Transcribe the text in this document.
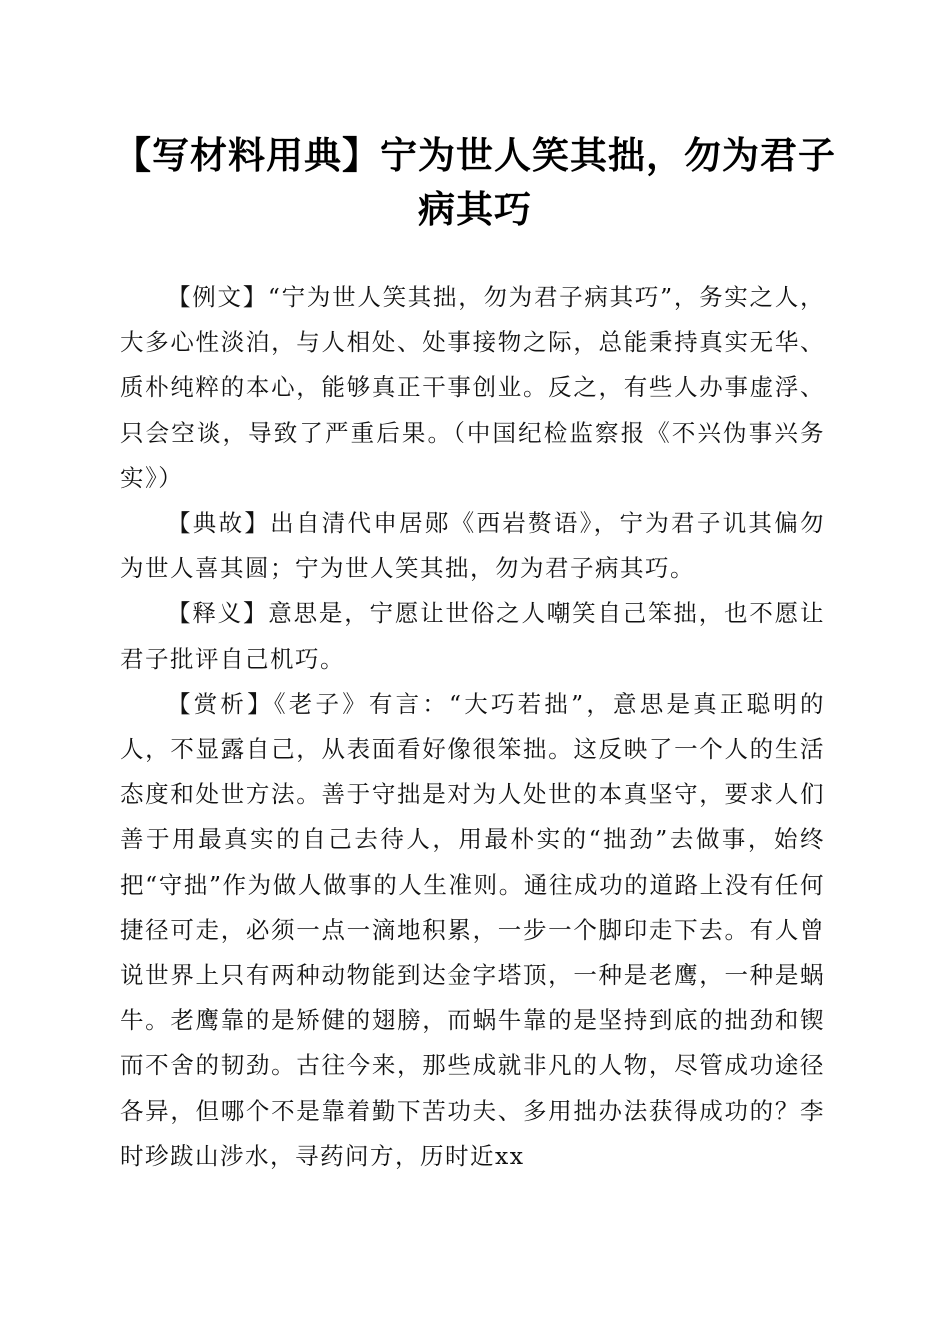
【写材料用典】宁为世人笑其拙，勿为君子病其巧

【例文】“宁为世人笑其拙，勿为君子病其巧”，务实之人，大多心性淡泊，与人相处、处事接物之际，总能秉持真实无华、质朴纯粹的本心，能够真正干事创业。反之，有些人办事虚浮、只会空谈，导致了严重后果。（中国纪检监察报《不兴伪事兴务实》）

【典故】出自清代申居郧《西岩赘语》，宁为君子讥其偏勿为世人喜其圆；宁为世人笑其拙，勿为君子病其巧。

【释义】意思是，宁愿让世俗之人嘲笑自己笨拙，也不愿让君子批评自己机巧。

【赏析】《老子》有言：“大巧若拙”，意思是真正聪明的人，不显露自己，从表面看好像很笨拙。这反映了一个人的生活态度和处世方法。善于守拙是对为人处世的本真坚守，要求人们善于用最真实的自己去待人，用最朴实的“拙劲”去做事，始终把“守拙”作为做人做事的人生准则。通往成功的道路上没有任何捷径可走，必须一点一滴地积累，一步一个脚印走下去。有人曾说世界上只有两种动物能到达金字塔顶，一种是老鹰，一种是蜗牛。老鹰靠的是矫健的翅膀，而蜗牛靠的是坚持到底的拙劲和锲而不舍的韧劲。古往今来，那些成就非凡的人物，尽管成功途径各异，但哪个不是靠着勤下苦功夫、多用拙办法获得成功的？李时珍跋山涉水，寻药问方，历时近xx
